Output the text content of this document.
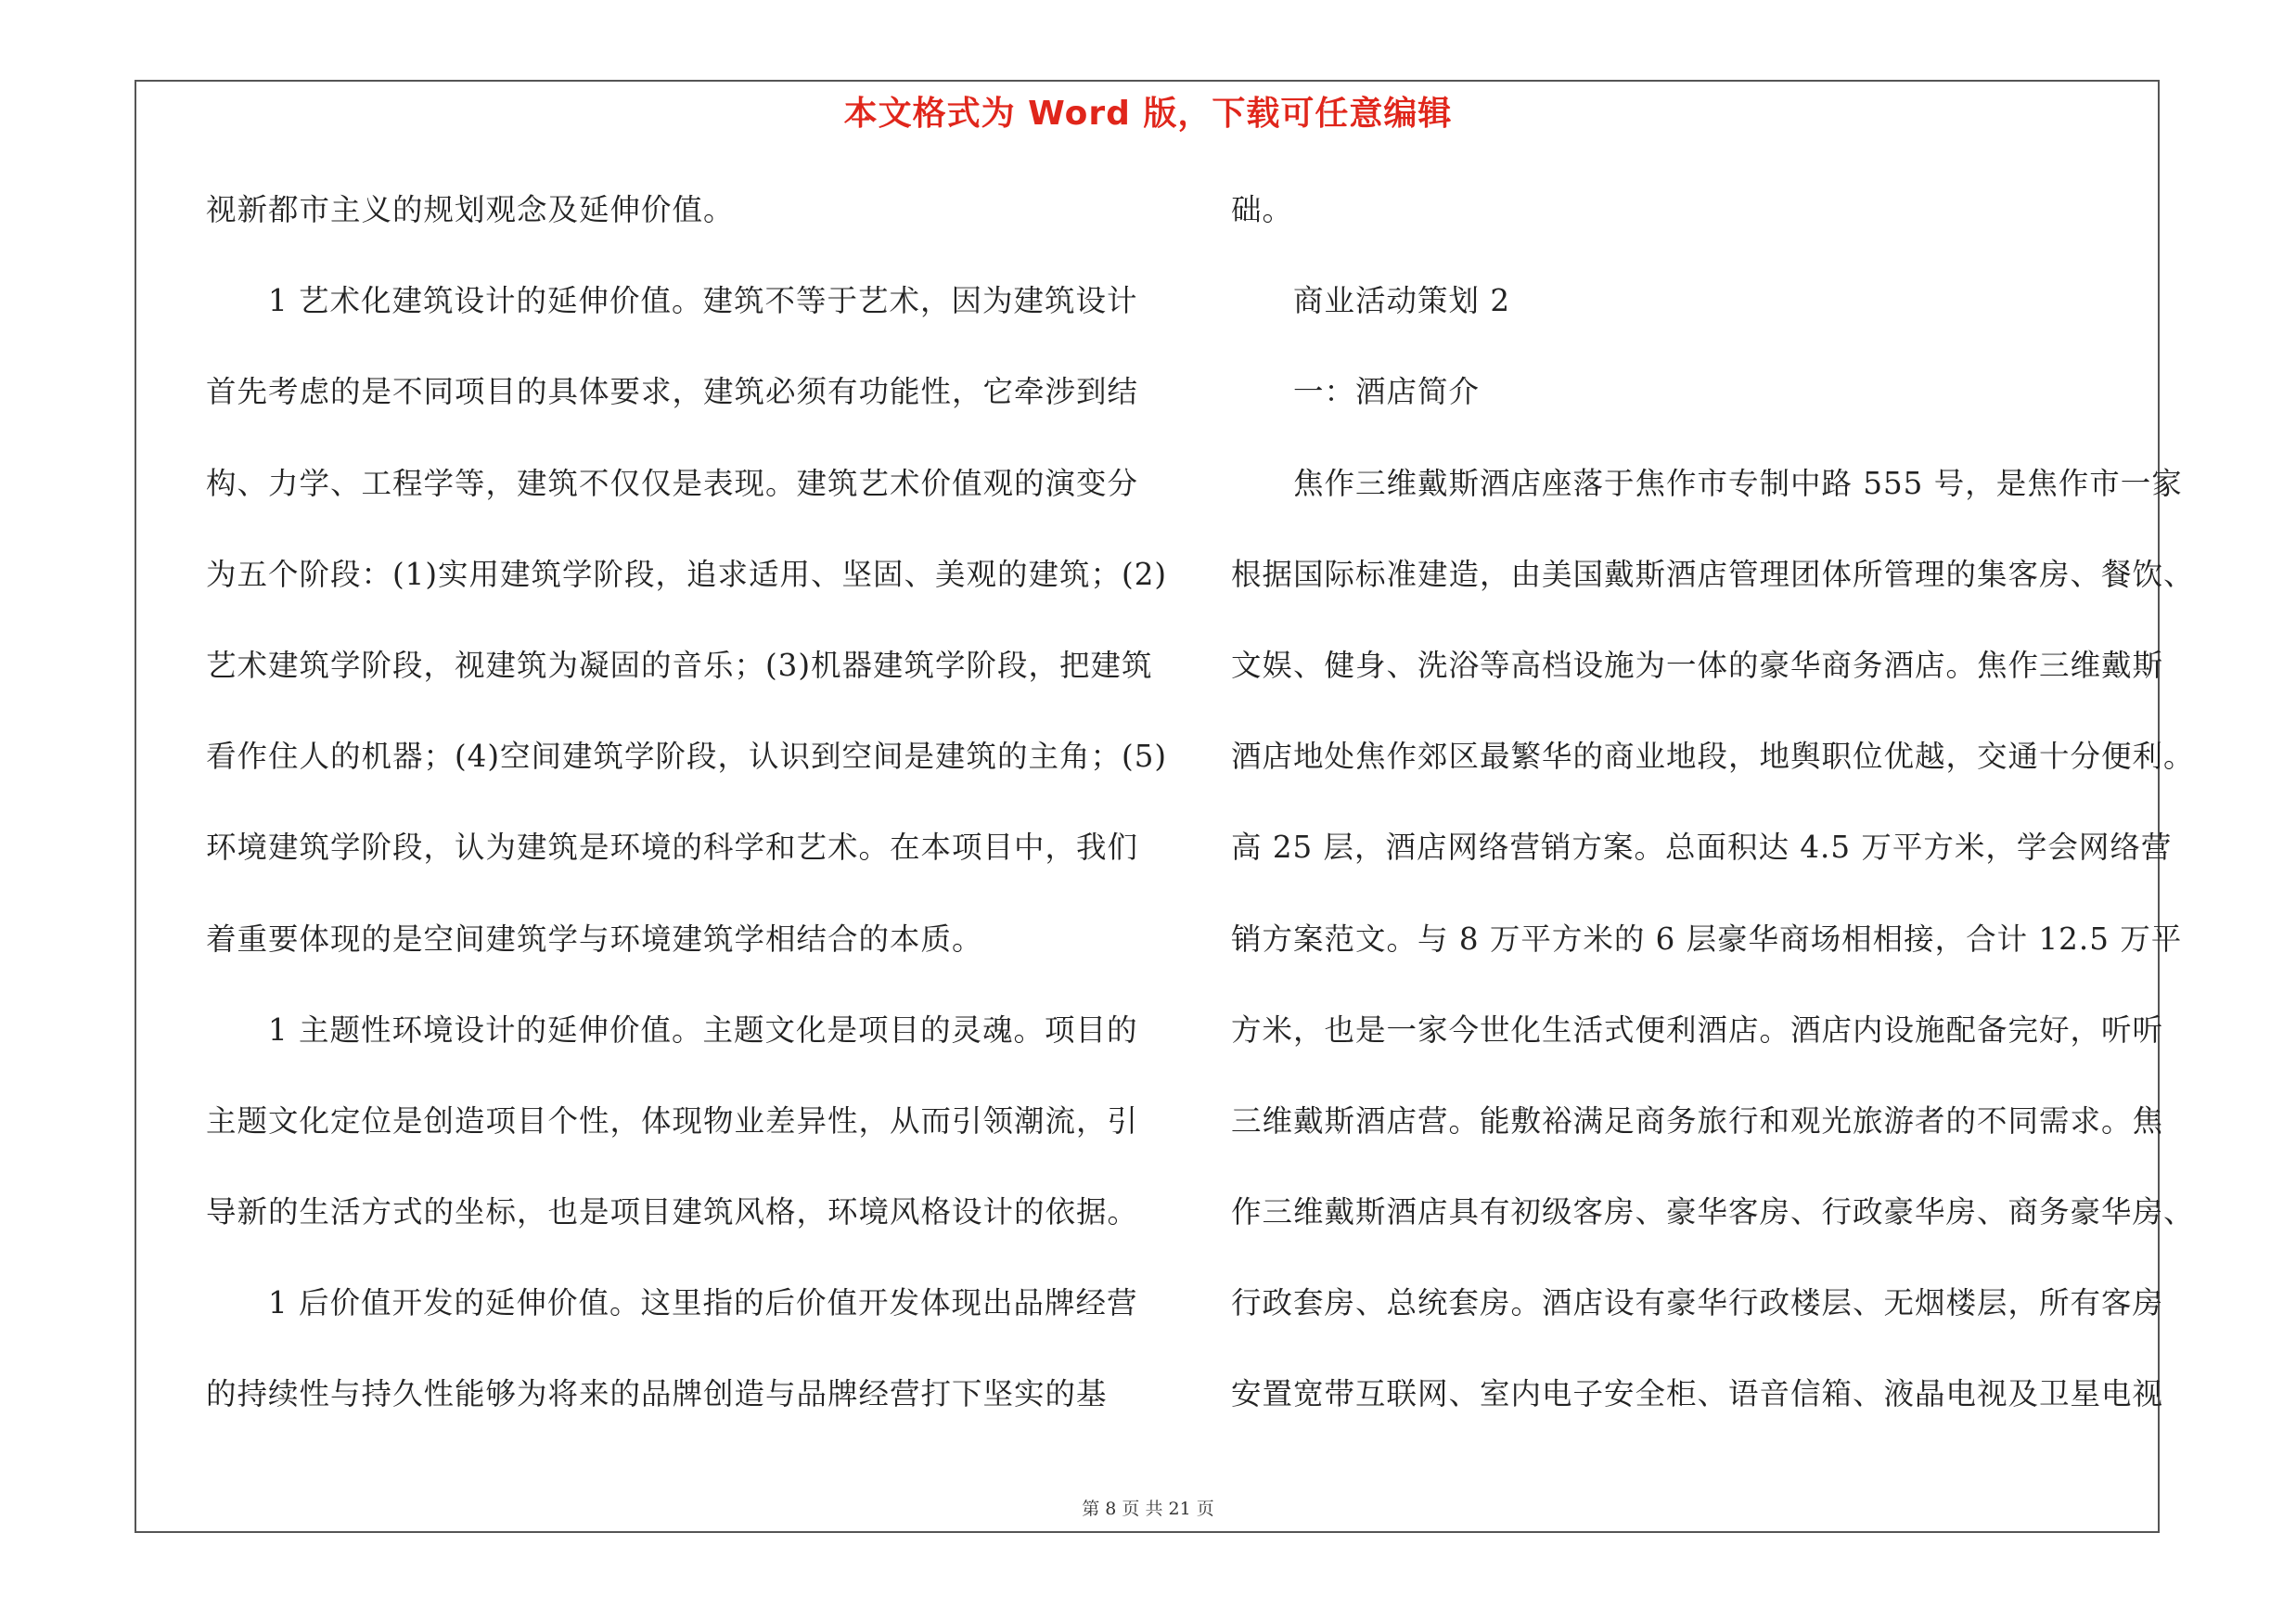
本文格式为 Word 版，下载可任意编辑
视新都市主义的规划观念及延伸价值。
　　1 艺术化建筑设计的延伸价值。建筑不等于艺术，因为建筑设计
首先考虑的是不同项目的具体要求，建筑必须有功能性，它牵涉到结
构、力学、工程学等，建筑不仅仅是表现。建筑艺术价值观的演变分
为五个阶段：(1)实用建筑学阶段，追求适用、坚固、美观的建筑；(2)
艺术建筑学阶段，视建筑为凝固的音乐；(3)机器建筑学阶段，把建筑
看作住人的机器；(4)空间建筑学阶段，认识到空间是建筑的主角；(5)
环境建筑学阶段，认为建筑是环境的科学和艺术。在本项目中，我们
着重要体现的是空间建筑学与环境建筑学相结合的本质。
　　1 主题性环境设计的延伸价值。主题文化是项目的灵魂。项目的
主题文化定位是创造项目个性，体现物业差异性，从而引领潮流，引
导新的生活方式的坐标，也是项目建筑风格，环境风格设计的依据。
　　1 后价值开发的延伸价值。这里指的后价值开发体现出品牌经营
的持续性与持久性能够为将来的品牌创造与品牌经营打下坚实的基
础。
　　商业活动策划 2
　　一：酒店简介
　　焦作三维戴斯酒店座落于焦作市专制中路 555 号，是焦作市一家
根据国际标准建造，由美国戴斯酒店管理团体所管理的集客房、餐饮、
文娱、健身、洗浴等高档设施为一体的豪华商务酒店。焦作三维戴斯
酒店地处焦作郊区最繁华的商业地段，地舆职位优越，交通十分便利。
高 25 层，酒店网络营销方案。总面积达 4.5 万平方米，学会网络营
销方案范文。与 8 万平方米的 6 层豪华商场相相接，合计 12.5 万平
方米，也是一家今世化生活式便利酒店。酒店内设施配备完好，听听
三维戴斯酒店营。能敷裕满足商务旅行和观光旅游者的不同需求。焦
作三维戴斯酒店具有初级客房、豪华客房、行政豪华房、商务豪华房、
行政套房、总统套房。酒店设有豪华行政楼层、无烟楼层，所有客房
安置宽带互联网、室内电子安全柜、语音信箱、液晶电视及卫星电视
第 8 页 共 21 页
